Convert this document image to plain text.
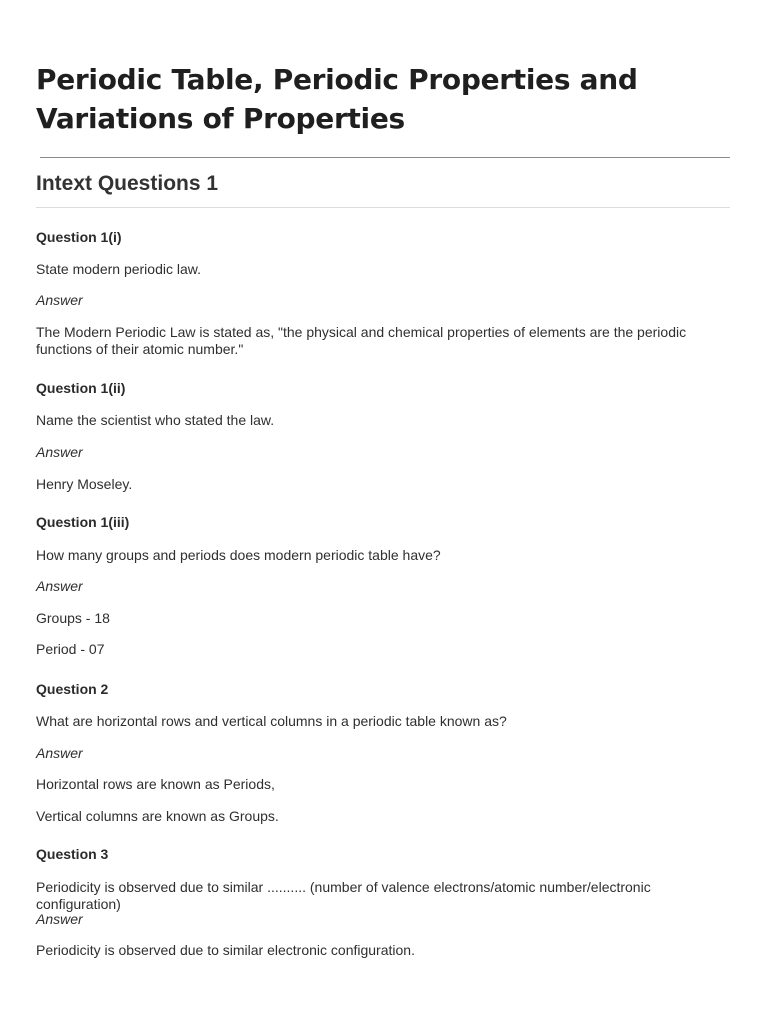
Periodic Table, Periodic Properties and Variations of Properties
Intext Questions 1

Question 1(i)

State modern periodic law.

Answer

The Modern Periodic Law is stated as, "the physical and chemical properties of elements are the periodic functions of their atomic number."

Question 1(ii)

Name the scientist who stated the law.

Answer

Henry Moseley.

Question 1(iii)

How many groups and periods does modern periodic table have?

Answer

Groups - 18

Period - 07

Question 2

What are horizontal rows and vertical columns in a periodic table known as?

Answer

Horizontal rows are known as Periods,

Vertical columns are known as Groups.

Question 3

Periodicity is observed due to similar .......... (number of valence electrons/atomic number/electronic configuration)

Answer

Periodicity is observed due to similar electronic configuration.
